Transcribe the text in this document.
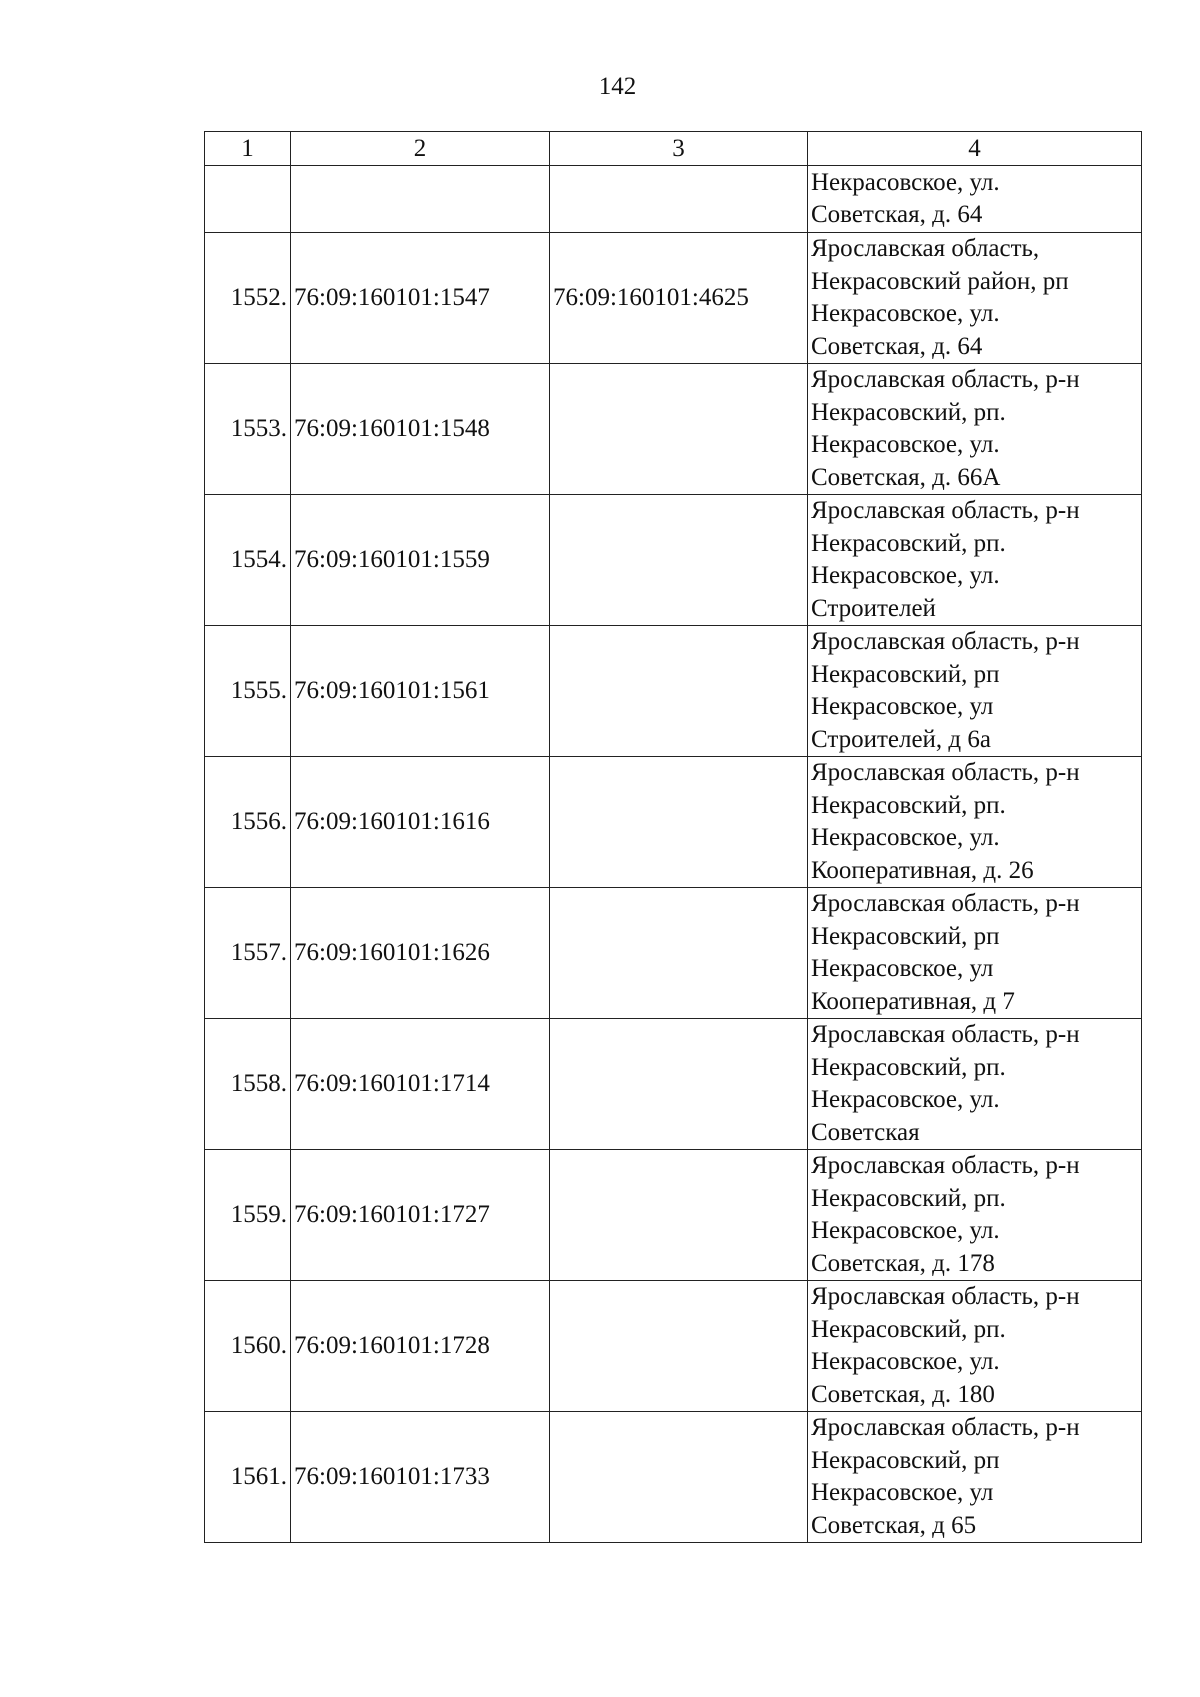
142
1	2	3	4

			Некрасовское, ул.
Советская, д. 64

1552.	76:09:160101:1547	76:09:160101:4625	Ярославская область,
Некрасовский район, рп
Некрасовское, ул.
Советская, д. 64

1553.	76:09:160101:1548		Ярославская область, р-н
Некрасовский, рп.
Некрасовское, ул.
Советская, д. 66А

1554.	76:09:160101:1559		Ярославская область, р-н
Некрасовский, рп.
Некрасовское, ул.
Строителей

1555.	76:09:160101:1561		Ярославская область, р-н
Некрасовский, рп
Некрасовское, ул
Строителей, д 6а

1556.	76:09:160101:1616		Ярославская область, р-н
Некрасовский, рп.
Некрасовское, ул.
Кооперативная, д. 26

1557.	76:09:160101:1626		Ярославская область, р-н
Некрасовский, рп
Некрасовское, ул
Кооперативная, д 7

1558.	76:09:160101:1714		Ярославская область, р-н
Некрасовский, рп.
Некрасовское, ул.
Советская

1559.	76:09:160101:1727		Ярославская область, р-н
Некрасовский, рп.
Некрасовское, ул.
Советская, д. 178

1560.	76:09:160101:1728		Ярославская область, р-н
Некрасовский, рп.
Некрасовское, ул.
Советская, д. 180

1561.	76:09:160101:1733		Ярославская область, р-н
Некрасовский, рп
Некрасовское, ул
Советская, д 65
